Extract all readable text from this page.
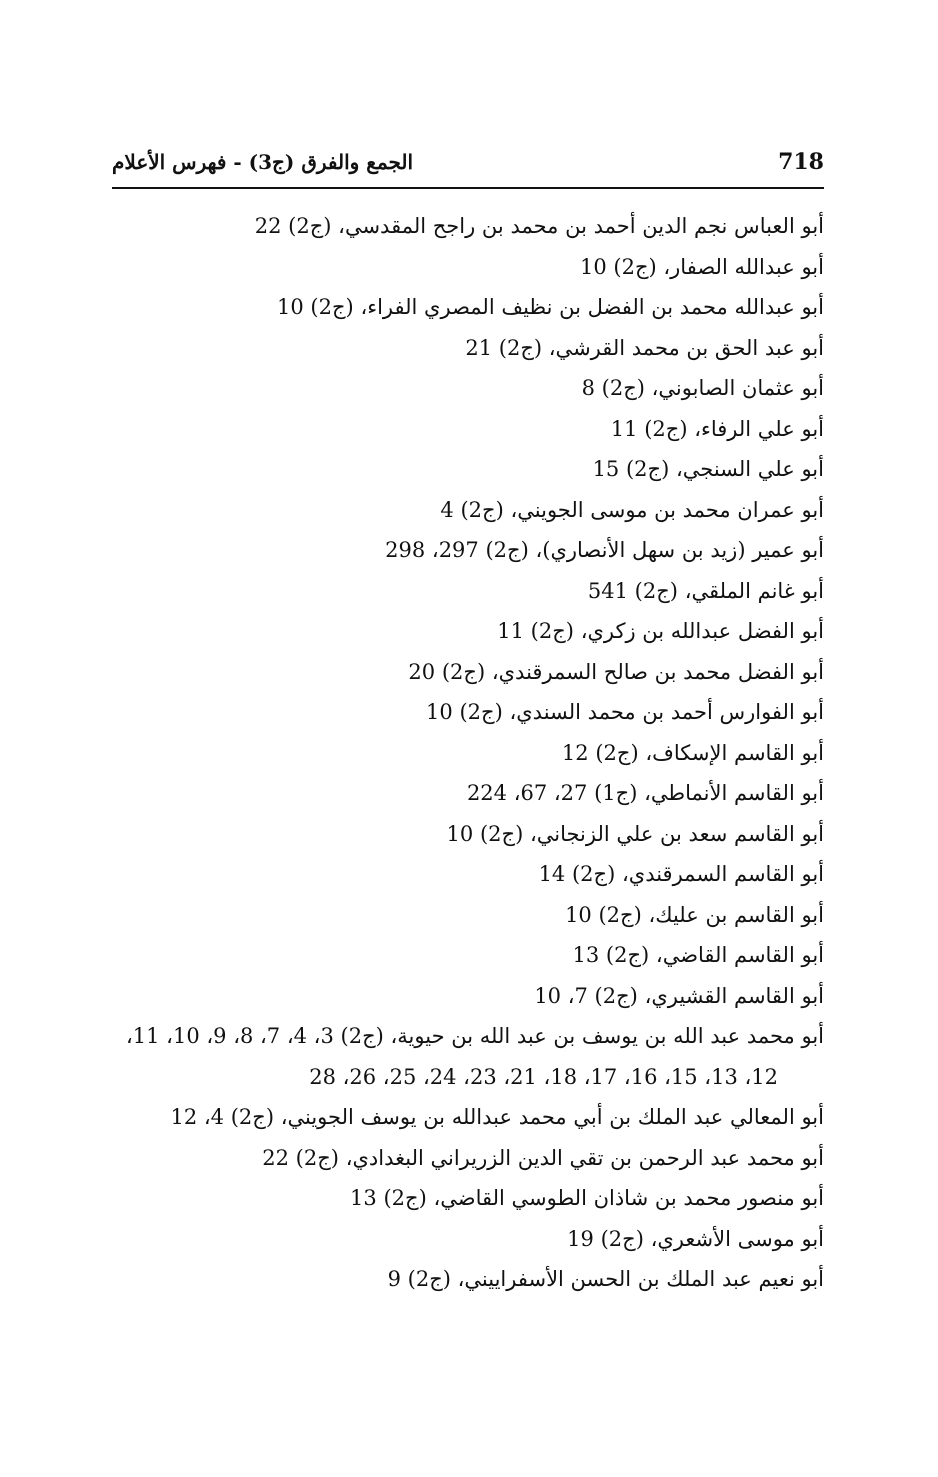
718
الجمع والفرق (ج3) - فهرس الأعلام
أبو العباس نجم الدين أحمد بن محمد بن راجح المقدسي، (ج2) 22
أبو عبدالله الصفار، (ج2) 10
أبو عبدالله محمد بن الفضل بن نظيف المصري الفراء، (ج2) 10
أبو عبد الحق بن محمد القرشي، (ج2) 21
أبو عثمان الصابوني، (ج2) 8
أبو علي الرفاء، (ج2) 11
أبو علي السنجي، (ج2) 15
أبو عمران محمد بن موسى الجويني، (ج2) 4
أبو عمير (زيد بن سهل الأنصاري)، (ج2) 297، 298
أبو غانم الملقي، (ج2) 541
أبو الفضل عبدالله بن زكري، (ج2) 11
أبو الفضل محمد بن صالح السمرقندي، (ج2) 20
أبو الفوارس أحمد بن محمد السندي، (ج2) 10
أبو القاسم الإسكاف، (ج2) 12
أبو القاسم الأنماطي، (ج1) 27، 67، 224
أبو القاسم سعد بن علي الزنجاني، (ج2) 10
أبو القاسم السمرقندي، (ج2) 14
أبو القاسم بن عليك، (ج2) 10
أبو القاسم القاضي، (ج2) 13
أبو القاسم القشيري، (ج2) 7، 10
أبو محمد عبد الله بن يوسف بن عبد الله بن حيوية، (ج2) 3، 4، 7، 8، 9، 10، 11، 12، 13، 15، 16، 17، 18، 21، 23، 24، 25، 26، 28
أبو المعالي عبد الملك بن أبي محمد عبدالله بن يوسف الجويني، (ج2) 4، 12
أبو محمد عبد الرحمن بن تقي الدين الزريراني البغدادي، (ج2) 22
أبو منصور محمد بن شاذان الطوسي القاضي، (ج2) 13
أبو موسى الأشعري، (ج2) 19
أبو نعيم عبد الملك بن الحسن الأسفراييني، (ج2) 9
